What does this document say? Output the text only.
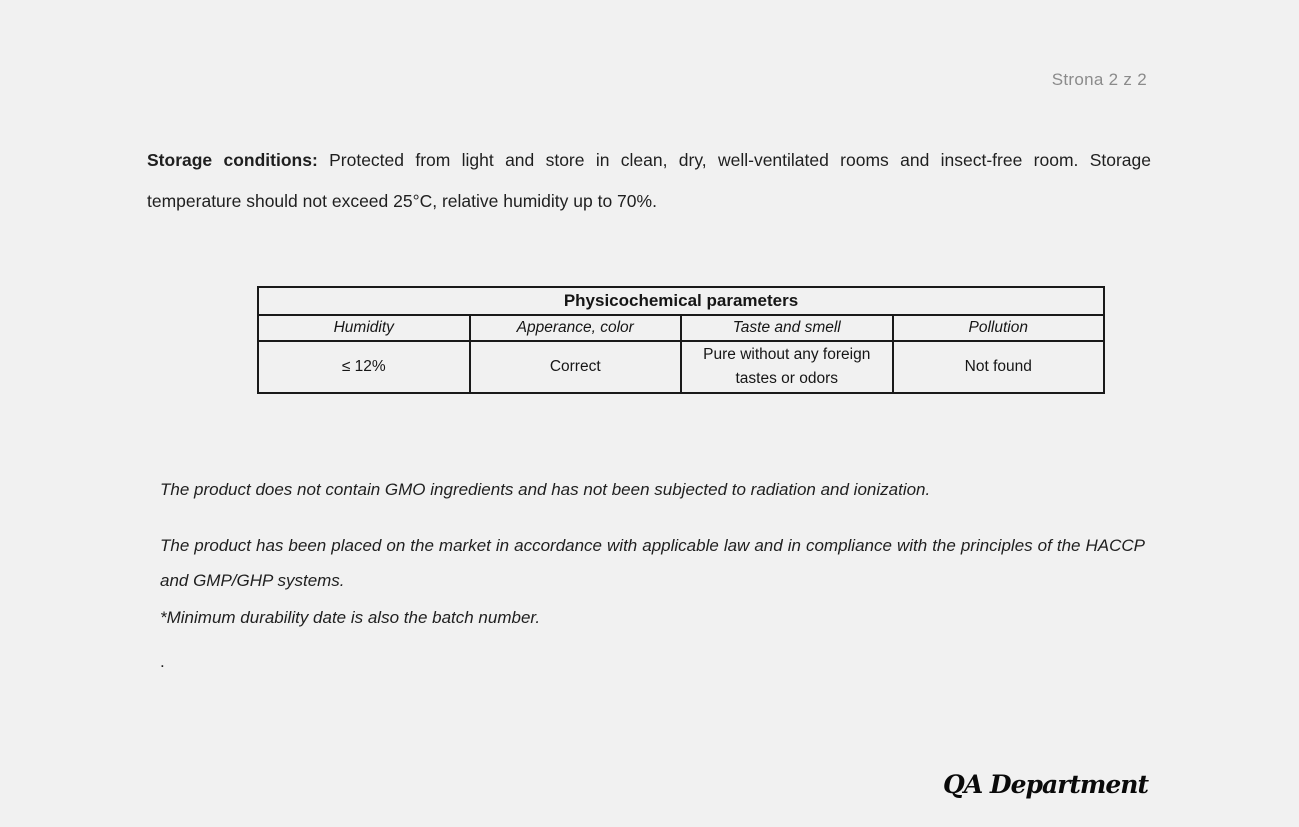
Strona 2 z 2

Storage conditions: Protected from light and store in clean, dry, well-ventilated rooms and insect-free room. Storage temperature should not exceed 25°C, relative humidity up to 70%.

Physicochemical parameters			
Humidity	Apperance, color	Taste and smell	Pollution
≤ 12%	Correct	Pure without any foreign tastes or odors	Not found

The product does not contain GMO ingredients and has not been subjected to radiation and ionization.

The product has been placed on the market in accordance with applicable law and in compliance with the principles of the HACCP and GMP/GHP systems.

*Minimum durability date is also the batch number.

.
QA Department
